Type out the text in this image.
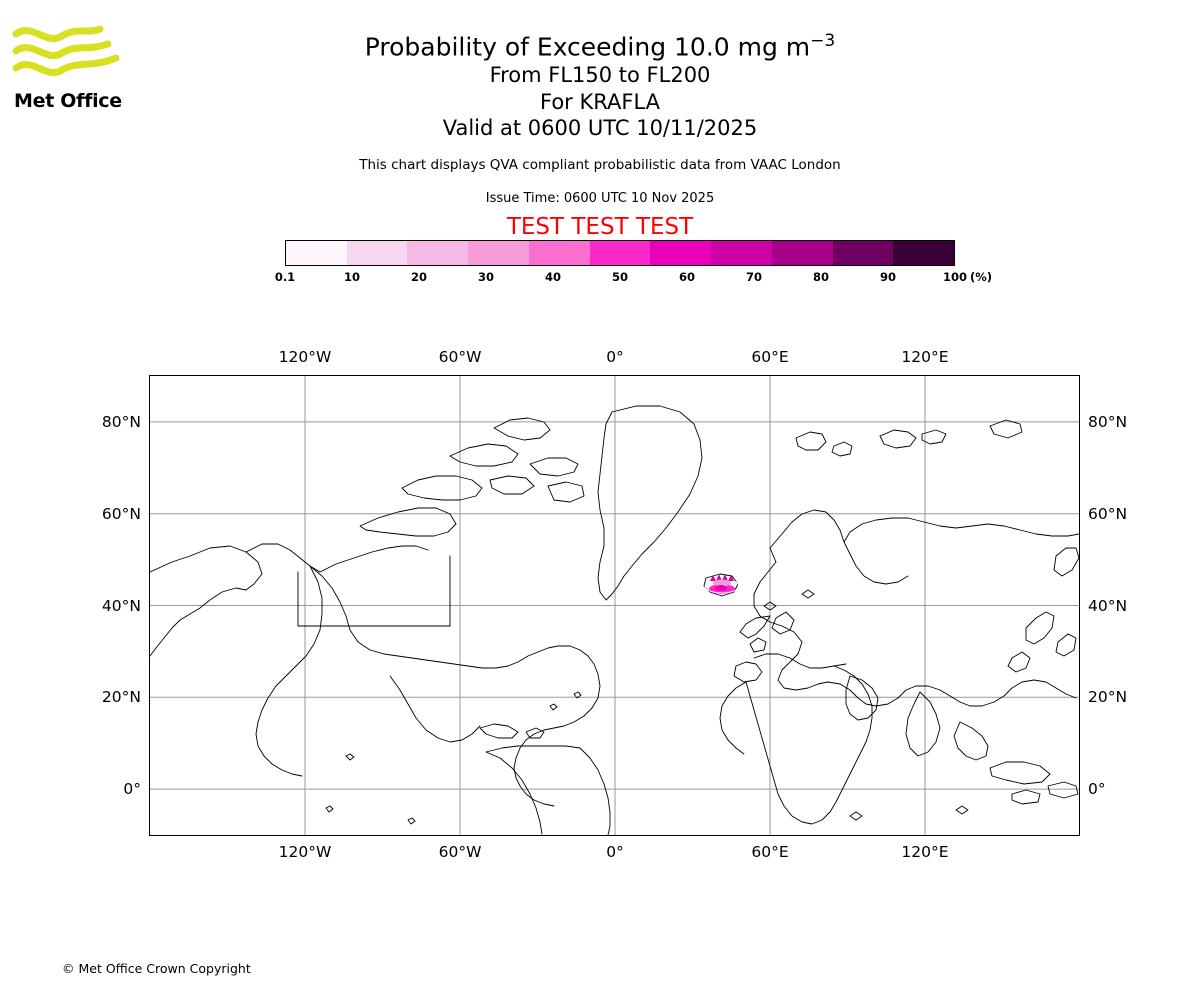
Met Office
Probability of Exceeding 10.0 mg $m^{-3}$
From FL150 to FL200
For KRAFLA
Valid at 0600 UTC 10/11/2025
This chart displays QVA compliant probabilistic data from VAAC London
Issue Time: 0600 UTC 10 Nov 2025
TEST TEST TEST
0.1	10	20	30	40	50	60	70	80	90	100 (%)
120°W	60°W	0°	60°E	120°E
120°W	60°W	0°	60°E	120°E
80°N
60°N
40°N
20°N
0°
80°N
60°N
40°N
20°N
0°
© Met Office Crown Copyright
